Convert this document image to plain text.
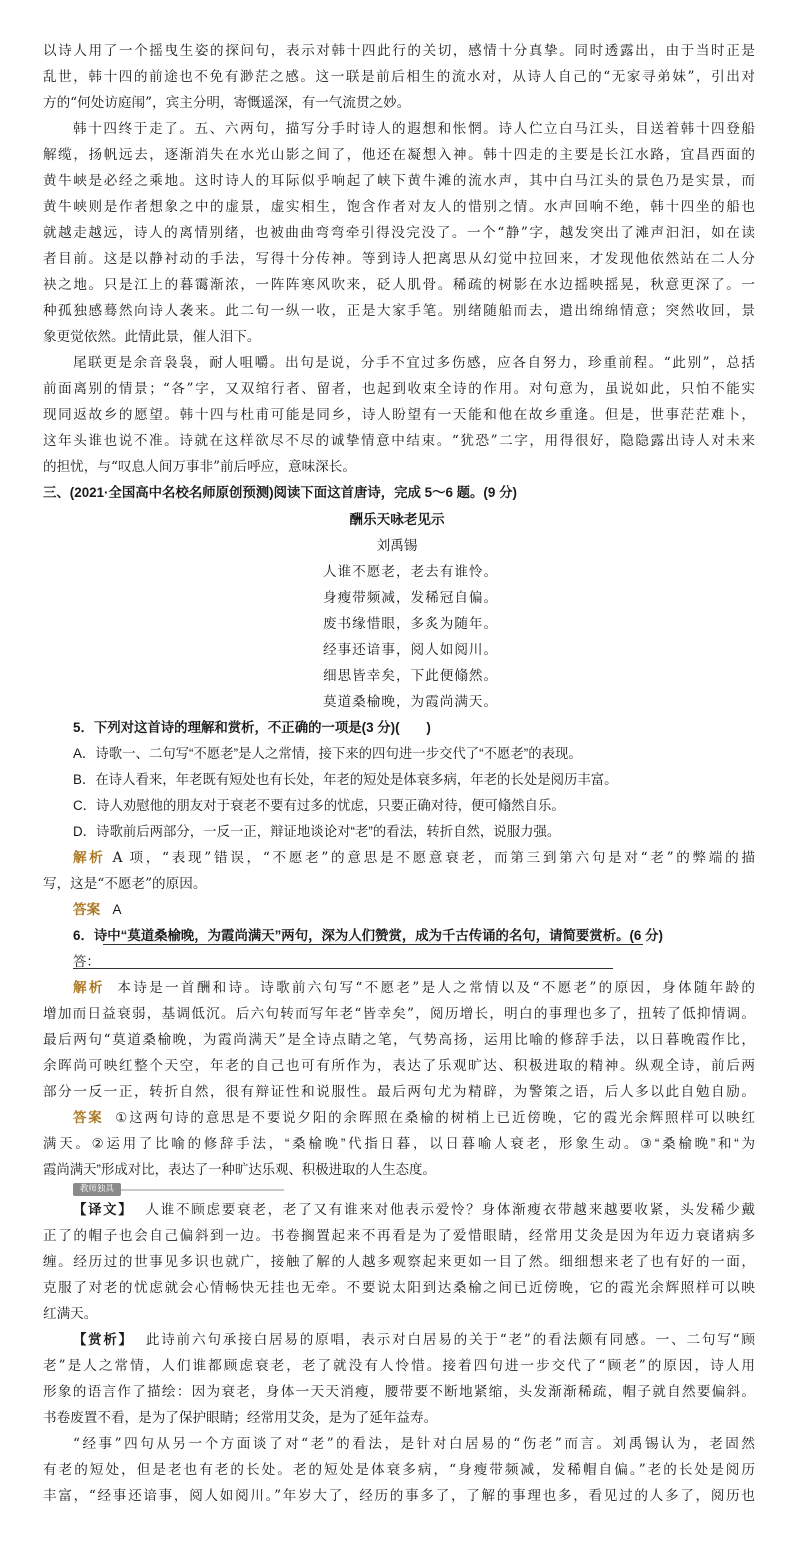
以诗人用了一个摇曳生姿的探问句，表示对韩十四此行的关切，感情十分真挚。同时透露出，由于当时正是
乱世，韩十四的前途也不免有渺茫之感。这一联是前后相生的流水对，从诗人自己的“无家寻弟妹”，引出对
方的“何处访庭闱”，宾主分明，寄慨遥深，有一气流贯之妙。
韩十四终于走了。五、六两句，描写分手时诗人的遐想和怅惘。诗人伫立白马江头，目送着韩十四登船
解缆，扬帆远去，逐渐消失在水光山影之间了，他还在凝想入神。韩十四走的主要是长江水路，宜昌西面的
黄牛峡是必经之乘地。这时诗人的耳际似乎响起了峡下黄牛滩的流水声，其中白马江头的景色乃是实景，而
黄牛峡则是作者想象之中的虚景，虚实相生，饱含作者对友人的惜别之情。水声回响不绝，韩十四坐的船也
就越走越远，诗人的离情别绪，也被曲曲弯弯牵引得没完没了。一个“静”字，越发突出了滩声汩汩，如在读
者目前。这是以静衬动的手法，写得十分传神。等到诗人把离思从幻觉中拉回来，才发现他依然站在二人分
袂之地。只是江上的暮霭渐浓，一阵阵寒风吹来，砭人肌骨。稀疏的树影在水边摇映摇晃，秋意更深了。一
种孤独感蓦然向诗人袭来。此二句一纵一收，正是大家手笔。别绪随船而去，遣出绵绵情意；突然收回，景
象更觉依然。此情此景，催人泪下。
尾联更是余音袅袅，耐人咀嚼。出句是说，分手不宜过多伤感，应各自努力，珍重前程。“此别”，总括
前面离别的情景；“各”字，又双绾行者、留者，也起到收束全诗的作用。对句意为，虽说如此，只怕不能实
现同返故乡的愿望。韩十四与杜甫可能是同乡，诗人盼望有一天能和他在故乡重逢。但是，世事茫茫难卜，
这年头谁也说不准。诗就在这样欲尽不尽的诚挚情意中结束。“犹恐”二字，用得很好，隐隐露出诗人对未来
的担忧，与“叹息人间万事非”前后呼应，意味深长。
三、(2021·全国高中名校名师原创预测)阅读下面这首唐诗，完成 5～6 题。(9 分)
酬乐天咏老见示
刘禹锡
人谁不愿老，老去有谁怜。
身瘦带频减，发稀冠自偏。
废书缘惜眼，多炙为随年。
经事还谙事，阅人如阅川。
细思皆幸矣，下此便翛然。
莫道桑榆晚，为霞尚满天。
5．下列对这首诗的理解和赏析，不正确的一项是(3 分)(　　)
A．诗歌一、二句写“不愿老”是人之常情，接下来的四句进一步交代了“不愿老”的表现。
B．在诗人看来，年老既有短处也有长处，年老的短处是体衰多病，年老的长处是阅历丰富。
C．诗人劝慰他的朋友对于衰老不要有过多的忧虑，只要正确对待，便可翛然自乐。
D．诗歌前后两部分，一反一正，辩证地谈论对“老”的看法，转折自然，说服力强。
解析 A 项，“表现”错误，“不愿老”的意思是不愿意衰老，而第三到第六句是对“老”的弊端的描
写，这是“不愿老”的原因。
答案 A
6．诗中“莫道桑榆晚，为霞尚满天”两句，深为人们赞赏，成为千古传诵的名句，请简要赏析。(6 分)
答：
解析 本诗是一首酬和诗。诗歌前六句写“不愿老”是人之常情以及“不愿老”的原因，身体随年龄的
增加而日益衰弱，基调低沉。后六句转而写年老“皆幸矣”，阅历增长，明白的事理也多了，扭转了低抑情调。
最后两句“莫道桑榆晚，为霞尚满天”是全诗点睛之笔，气势高扬，运用比喻的修辞手法，以日暮晚霞作比，
余晖尚可映红整个天空，年老的自己也可有所作为，表达了乐观旷达、积极进取的精神。纵观全诗，前后两
部分一反一正，转折自然，很有辩证性和说服性。最后两句尤为精辟，为警策之语，后人多以此自勉自励。
答案 ①这两句诗的意思是不要说夕阳的余晖照在桑榆的树梢上已近傍晚，它的霞光余辉照样可以映红
满天。②运用了比喻的修辞手法，“桑榆晚”代指日暮，以日暮喻人衰老，形象生动。③“桑榆晚”和“为
霞尚满天”形成对比，表达了一种旷达乐观、积极进取的人生态度。
教师独具
【译文】 人谁不顾虑要衰老，老了又有谁来对他表示爱怜？身体渐瘦衣带越来越要收紧，头发稀少戴
正了的帽子也会自己偏斜到一边。书卷搁置起来不再看是为了爱惜眼睛，经常用艾灸是因为年迈力衰诸病多
缠。经历过的世事见多识也就广，接触了解的人越多观察起来更如一目了然。细细想来老了也有好的一面，
克服了对老的忧虑就会心情畅快无挂也无牵。不要说太阳到达桑榆之间已近傍晚，它的霞光余辉照样可以映
红满天。
【赏析】 此诗前六句承接白居易的原唱，表示对白居易的关于“老”的看法颇有同感。一、二句写“顾
老”是人之常情，人们谁都顾虑衰老，老了就没有人怜惜。接着四句进一步交代了“顾老”的原因，诗人用
形象的语言作了描绘：因为衰老，身体一天天消瘦，腰带要不断地紧缩，头发渐渐稀疏，帽子就自然要偏斜。
书卷废置不看，是为了保护眼睛；经常用艾灸，是为了延年益寿。
“经事”四句从另一个方面谈了对“老”的看法，是针对白居易的“伤老”而言。刘禹锡认为，老固然
有老的短处，但是老也有老的长处。老的短处是体衰多病，“身瘦带频减，发稀帽自偏。”老的长处是阅历
丰富，“经事还谙事，阅人如阅川。”年岁大了，经历的事多了，了解的事理也多，看见过的人多了，阅历也
